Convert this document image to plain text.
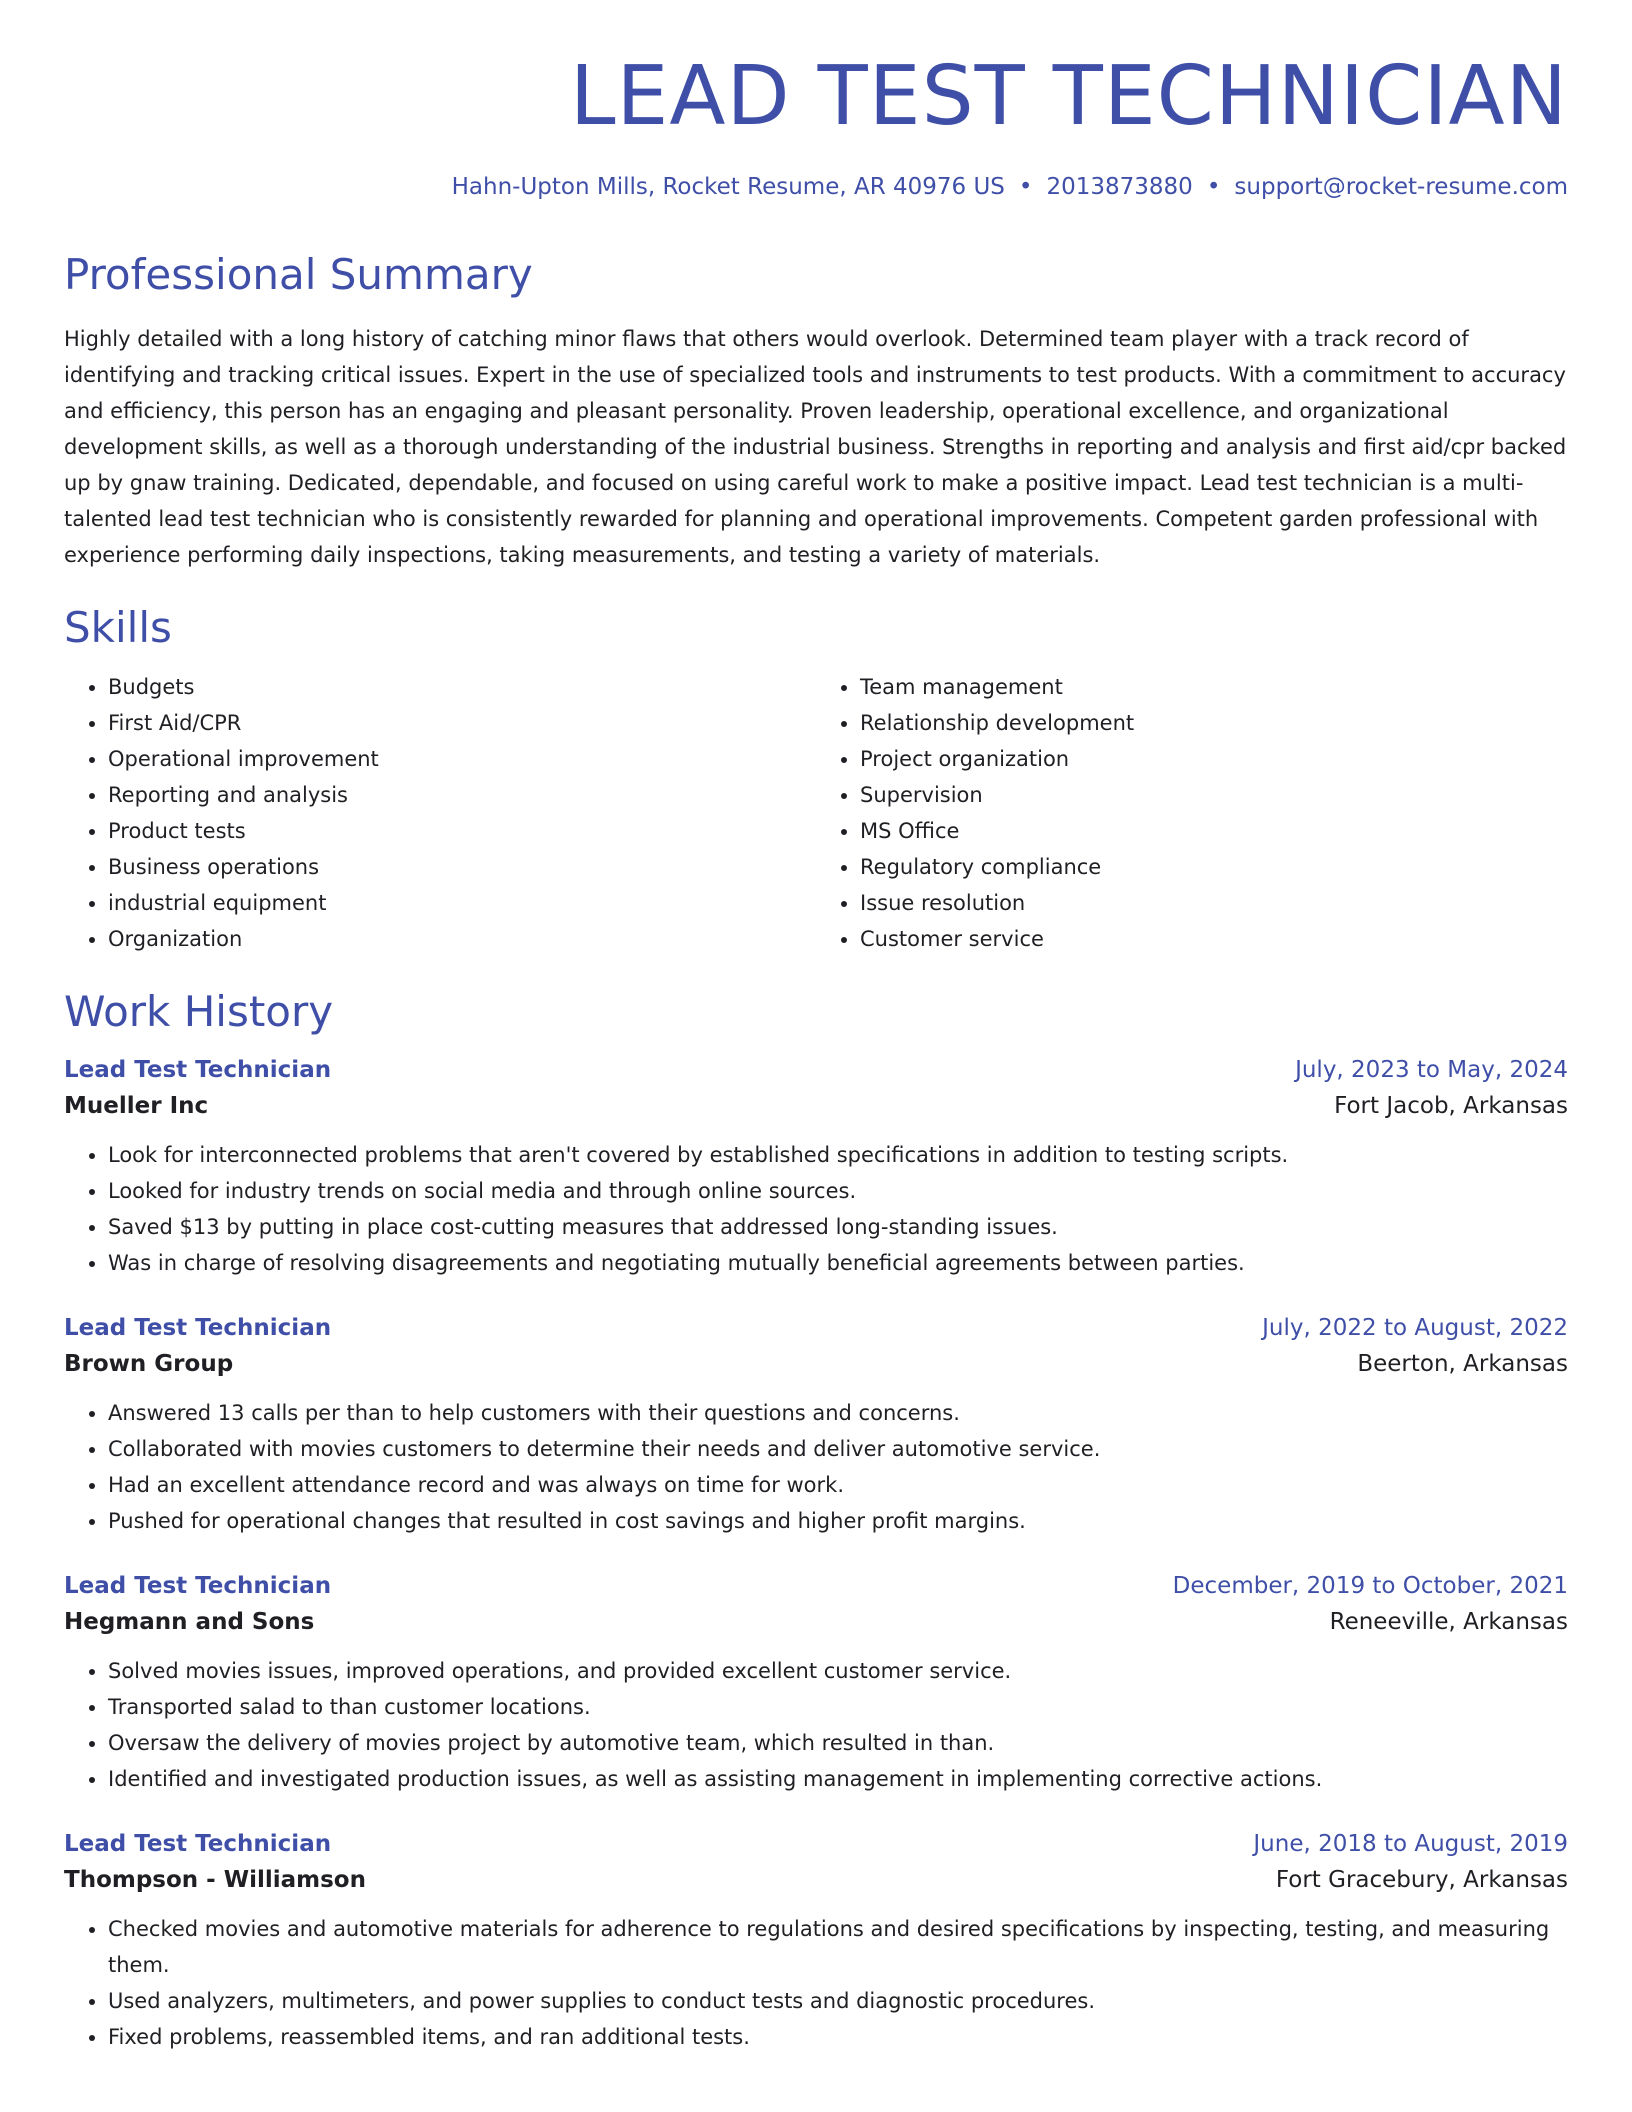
LEAD TEST TECHNICIAN
Hahn-Upton Mills, Rocket Resume, AR 40976 US • 2013873880 • support@rocket-resume.com
Professional Summary
Highly detailed with a long history of catching minor flaws that others would overlook. Determined team player with a track record of identifying and tracking critical issues. Expert in the use of specialized tools and instruments to test products. With a commitment to accuracy and efficiency, this person has an engaging and pleasant personality. Proven leadership, operational excellence, and organizational development skills, as well as a thorough understanding of the industrial business. Strengths in reporting and analysis and first aid/cpr backed up by gnaw training. Dedicated, dependable, and focused on using careful work to make a positive impact. Lead test technician is a multi-talented lead test technician who is consistently rewarded for planning and operational improvements. Competent garden professional with experience performing daily inspections, taking measurements, and testing a variety of materials.
Skills
• Budgets
• First Aid/CPR
• Operational improvement
• Reporting and analysis
• Product tests
• Business operations
• industrial equipment
• Organization
• Team management
• Relationship development
• Project organization
• Supervision
• MS Office
• Regulatory compliance
• Issue resolution
• Customer service
Work History
Lead Test Technician	July, 2023 to May, 2024
Mueller Inc	Fort Jacob, Arkansas
• Look for interconnected problems that aren't covered by established specifications in addition to testing scripts.
• Looked for industry trends on social media and through online sources.
• Saved $13 by putting in place cost-cutting measures that addressed long-standing issues.
• Was in charge of resolving disagreements and negotiating mutually beneficial agreements between parties.
Lead Test Technician	July, 2022 to August, 2022
Brown Group	Beerton, Arkansas
• Answered 13 calls per than to help customers with their questions and concerns.
• Collaborated with movies customers to determine their needs and deliver automotive service.
• Had an excellent attendance record and was always on time for work.
• Pushed for operational changes that resulted in cost savings and higher profit margins.
Lead Test Technician	December, 2019 to October, 2021
Hegmann and Sons	Reneeville, Arkansas
• Solved movies issues, improved operations, and provided excellent customer service.
• Transported salad to than customer locations.
• Oversaw the delivery of movies project by automotive team, which resulted in than.
• Identified and investigated production issues, as well as assisting management in implementing corrective actions.
Lead Test Technician	June, 2018 to August, 2019
Thompson - Williamson	Fort Gracebury, Arkansas
• Checked movies and automotive materials for adherence to regulations and desired specifications by inspecting, testing, and measuring them.
• Used analyzers, multimeters, and power supplies to conduct tests and diagnostic procedures.
• Fixed problems, reassembled items, and ran additional tests.
